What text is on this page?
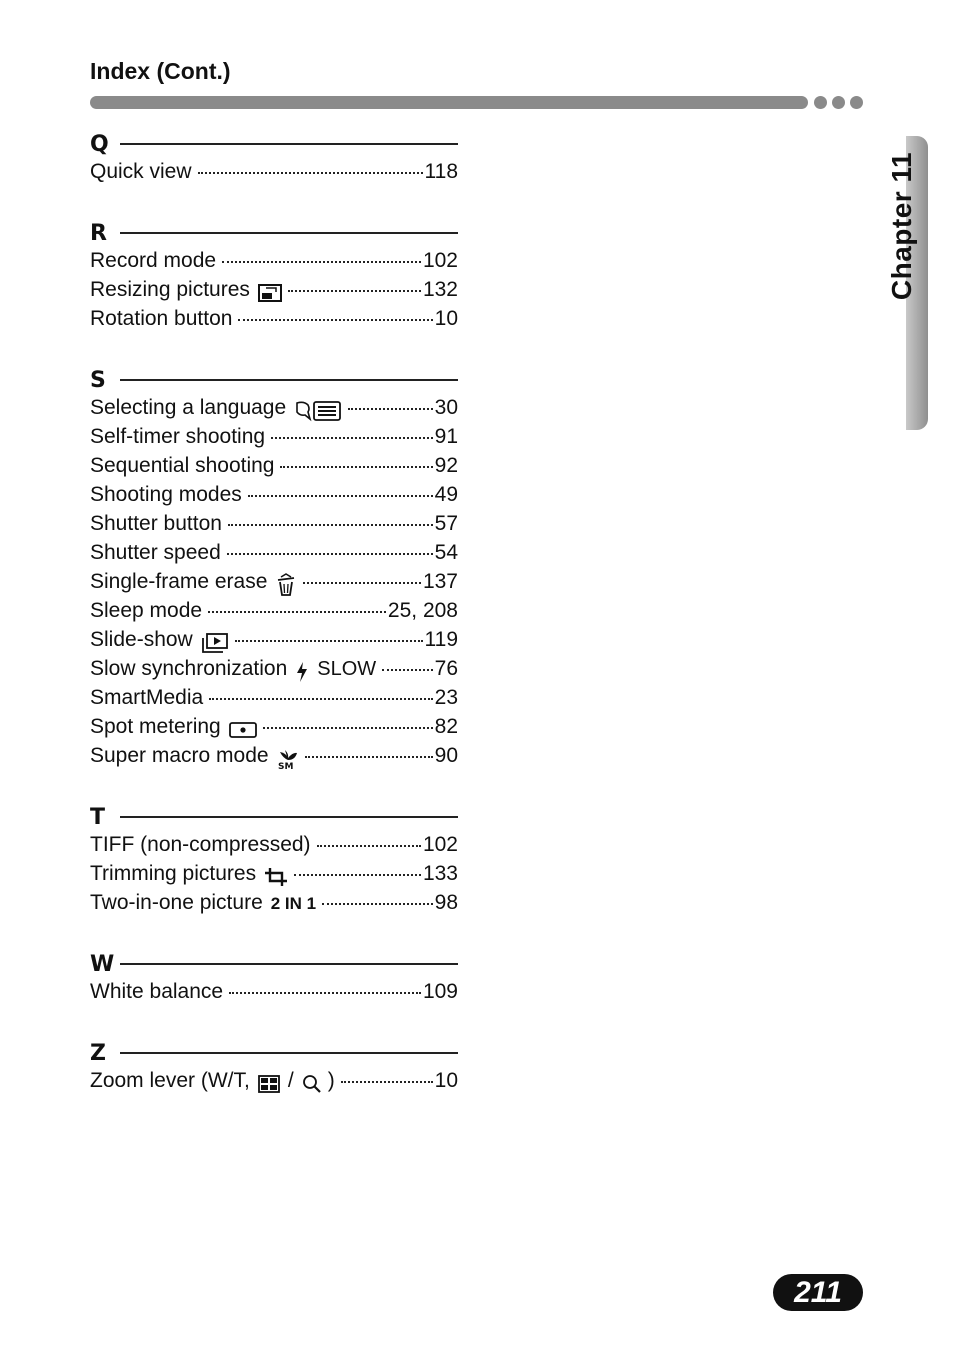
Index (Cont.)
Chapter 11
Q
Quick view	118
R
Record mode	102
Resizing pictures	132
Rotation button	10
S
Selecting a language	30
Self-timer shooting	91
Sequential shooting	92
Shooting modes	49
Shutter button	57
Shutter speed	54
Single-frame erase	137
Sleep mode	25, 208
Slide-show	119
Slow synchronization SLOW	76
SmartMedia	23
Spot metering	82
Super macro mode SM	90
T
TIFF (non-compressed)	102
Trimming pictures	133
Two-in-one picture 2 IN 1	98
W
White balance	109
Z
Zoom lever (W/T, / )	10
211
